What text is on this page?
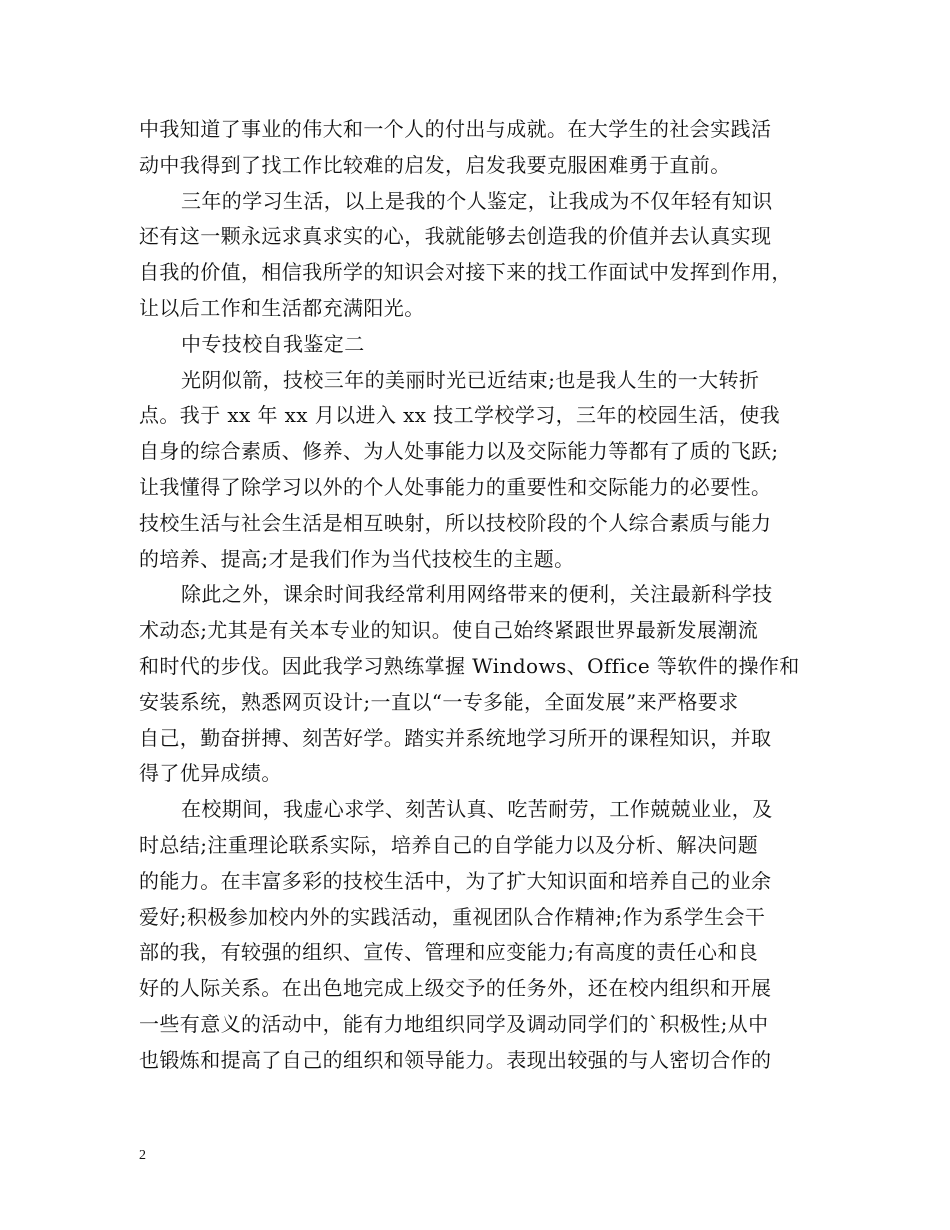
中我知道了事业的伟大和一个人的付出与成就。在大学生的社会实践活
动中我得到了找工作比较难的启发，启发我要克服困难勇于直前。
三年的学习生活，以上是我的个人鉴定，让我成为不仅年轻有知识
还有这一颗永远求真求实的心，我就能够去创造我的价值并去认真实现
自我的价值，相信我所学的知识会对接下来的找工作面试中发挥到作用，
让以后工作和生活都充满阳光。
中专技校自我鉴定二
光阴似箭，技校三年的美丽时光已近结束;也是我人生的一大转折
点。我于 xx 年 xx 月以进入 xx 技工学校学习，三年的校园生活，使我
自身的综合素质、修养、为人处事能力以及交际能力等都有了质的飞跃;
让我懂得了除学习以外的个人处事能力的重要性和交际能力的必要性。
技校生活与社会生活是相互映射，所以技校阶段的个人综合素质与能力
的培养、提高;才是我们作为当代技校生的主题。
除此之外，课余时间我经常利用网络带来的便利，关注最新科学技
术动态;尤其是有关本专业的知识。使自己始终紧跟世界最新发展潮流
和时代的步伐。因此我学习熟练掌握 Windows、Office 等软件的操作和
安装系统，熟悉网页设计;一直以“一专多能，全面发展”来严格要求
自己，勤奋拼搏、刻苦好学。踏实并系统地学习所开的课程知识，并取
得了优异成绩。
在校期间，我虚心求学、刻苦认真、吃苦耐劳，工作兢兢业业，及
时总结;注重理论联系实际，培养自己的自学能力以及分析、解决问题
的能力。在丰富多彩的技校生活中，为了扩大知识面和培养自己的业余
爱好;积极参加校内外的实践活动，重视团队合作精神;作为系学生会干
部的我，有较强的组织、宣传、管理和应变能力;有高度的责任心和良
好的人际关系。在出色地完成上级交予的任务外，还在校内组织和开展
一些有意义的活动中，能有力地组织同学及调动同学们的`积极性;从中
也锻炼和提高了自己的组织和领导能力。表现出较强的与人密切合作的
2
